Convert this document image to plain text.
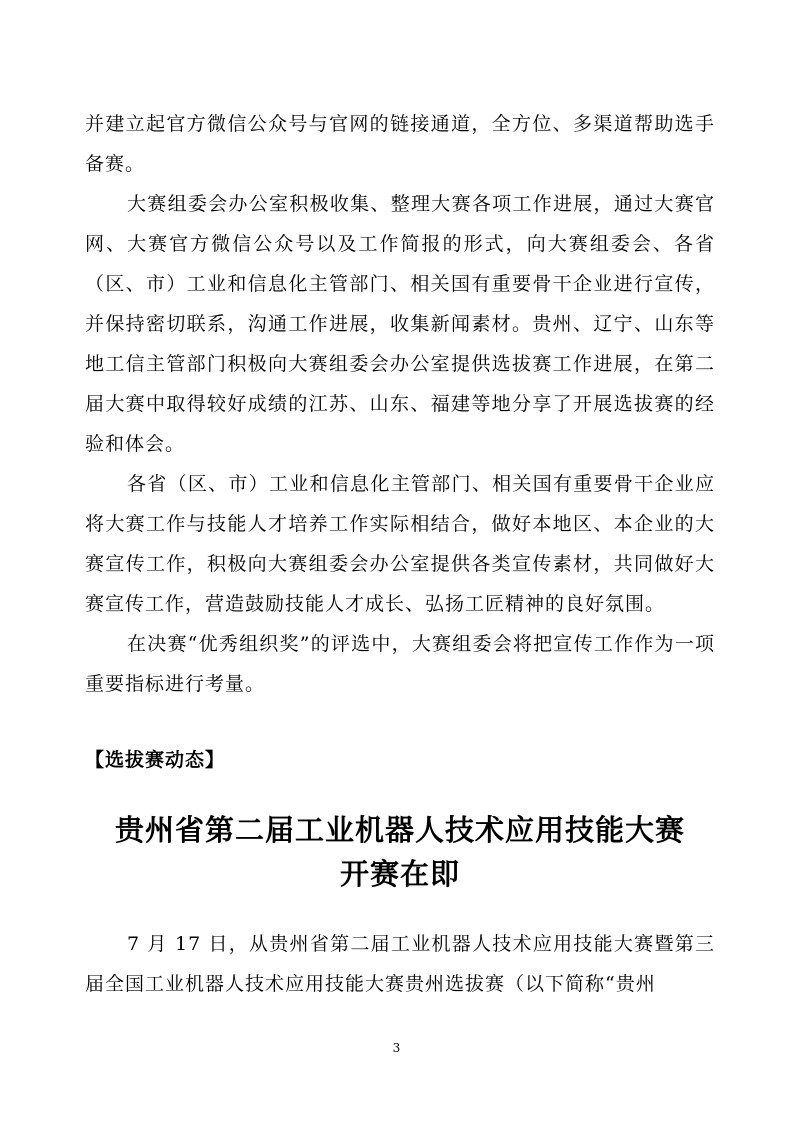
并建立起官方微信公众号与官网的链接通道，全方位、多渠道帮助选手备赛。

大赛组委会办公室积极收集、整理大赛各项工作进展，通过大赛官网、大赛官方微信公众号以及工作简报的形式，向大赛组委会、各省（区、市）工业和信息化主管部门、相关国有重要骨干企业进行宣传，并保持密切联系，沟通工作进展，收集新闻素材。贵州、辽宁、山东等地工信主管部门积极向大赛组委会办公室提供选拔赛工作进展，在第二届大赛中取得较好成绩的江苏、山东、福建等地分享了开展选拔赛的经验和体会。

各省（区、市）工业和信息化主管部门、相关国有重要骨干企业应将大赛工作与技能人才培养工作实际相结合，做好本地区、本企业的大赛宣传工作，积极向大赛组委会办公室提供各类宣传素材，共同做好大赛宣传工作，营造鼓励技能人才成长、弘扬工匠精神的良好氛围。

在决赛“优秀组织奖”的评选中，大赛组委会将把宣传工作作为一项重要指标进行考量。

【选拔赛动态】
贵州省第二届工业机器人技术应用技能大赛
开赛在即

7 月 17 日，从贵州省第二届工业机器人技术应用技能大赛暨第三届全国工业机器人技术应用技能大赛贵州选拔赛（以下简称“贵州

3
